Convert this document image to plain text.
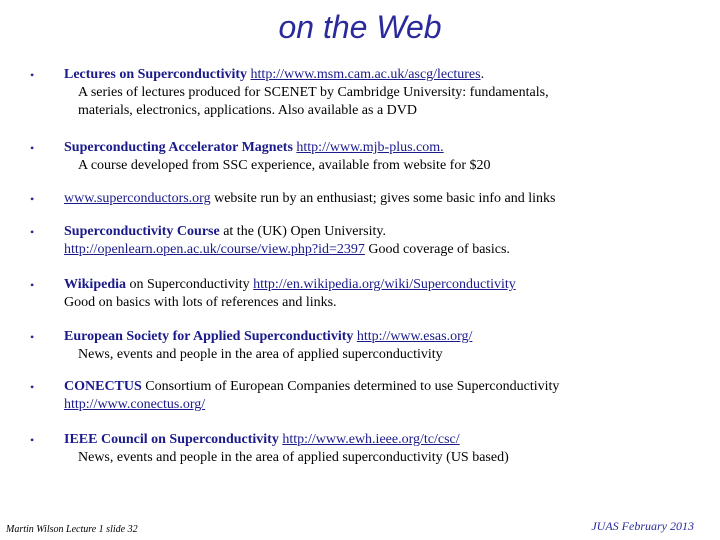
on the Web
•	Lectures on Superconductivity http://www.msm.cam.ac.uk/ascg/lectures.
A series of lectures produced for SCENET by Cambridge University: fundamentals,
materials, electronics, applications. Also available as a DVD
•	Superconducting Accelerator Magnets http://www.mjb-plus.com.
A course developed from SSC experience, available from website for $20
•	www.superconductors.org website run by an enthusiast; gives some basic info and links
•	Superconductivity Course at the (UK) Open University.
http://openlearn.open.ac.uk/course/view.php?id=2397 Good coverage of basics.
•	Wikipedia on Superconductivity http://en.wikipedia.org/wiki/Superconductivity
Good on basics with lots of references and links.
•	European Society for Applied Superconductivity http://www.esas.org/
News, events and people in the area of applied superconductivity
•	CONECTUS Consortium of European Companies determined to use Superconductivity
http://www.conectus.org/
•	IEEE Council on Superconductivity http://www.ewh.ieee.org/tc/csc/
News, events and people in the area of applied superconductivity (US based)
Martin Wilson Lecture 1 slide 32	JUAS February 2013
